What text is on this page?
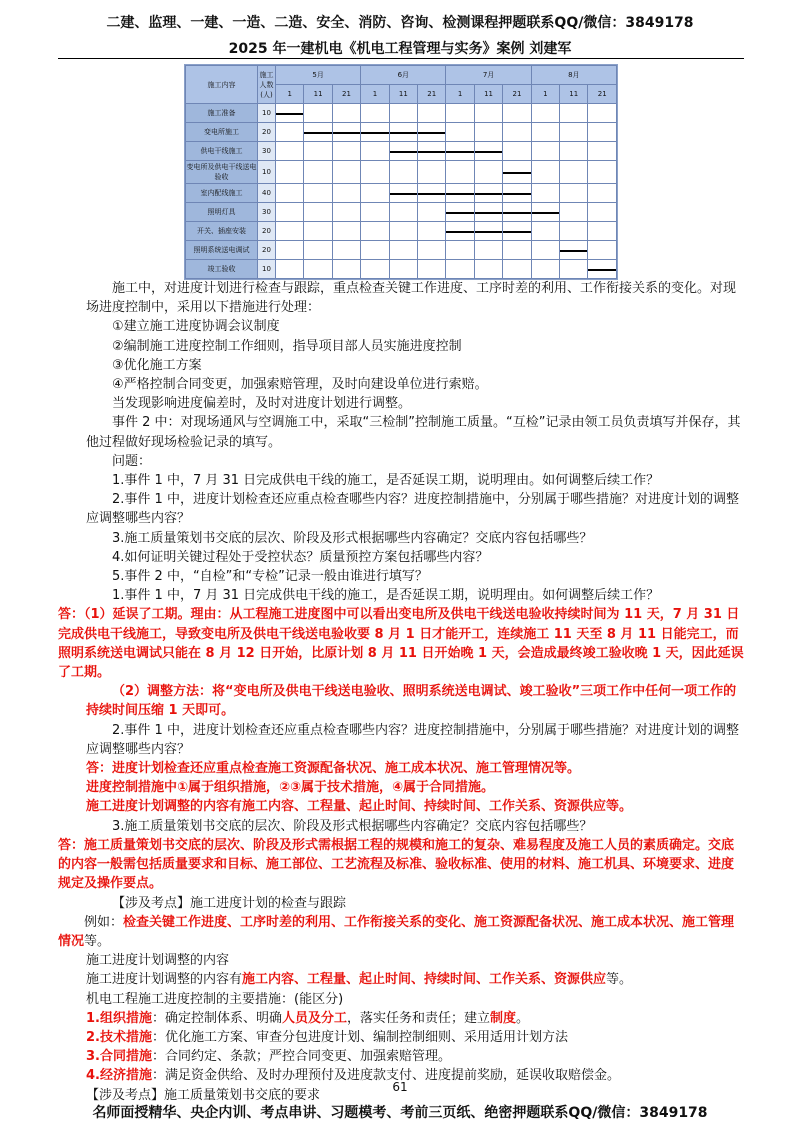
二建、监理、一建、一造、二造、安全、消防、咨询、检测课程押题联系QQ/微信：3849178
2025 年一建机电《机电工程管理与实务》案例 刘建军
施工内容	施工人数(人)	5月			6月			7月			8月		
		1	11	21	1	11	21	1	11	21	1	11	21
施工准备	10	

变电所施工	20		

供电干线施工	30					

变电所及供电干线送电验收	10									

室内配线施工	40					

照明灯具	30							

开关、插座安装	20							

照明系统送电调试	20											

竣工验收	10												

施工中，对进度计划进行检查与跟踪，重点检查关键工作进度、工序时差的利用、工作衔接关系的变化。对现场进度控制中，采用以下措施进行处理：

①建立施工进度协调会议制度

②编制施工进度控制工作细则，指导项目部人员实施进度控制

③优化施工方案

④严格控制合同变更，加强索赔管理，及时向建设单位进行索赔。

当发现影响进度偏差时，及时对进度计划进行调整。

事件 2 中：对现场通风与空调施工中，采取“三检制”控制施工质量。“互检”记录由领工员负责填写并保存，其他过程做好现场检验记录的填写。

问题：

1.事件 1 中，7 月 31 日完成供电干线的施工，是否延误工期，说明理由。如何调整后续工作？

2.事件 1 中，进度计划检查还应重点检查哪些内容？进度控制措施中，分别属于哪些措施？对进度计划的调整应调整哪些内容？

3.施工质量策划书交底的层次、阶段及形式根据哪些内容确定？交底内容包括哪些？

4.如何证明关键过程处于受控状态？质量预控方案包括哪些内容？

5.事件 2 中，“自检”和“专检”记录一般由谁进行填写？

1.事件 1 中，7 月 31 日完成供电干线的施工，是否延误工期，说明理由。如何调整后续工作？

答：（1）延误了工期。理由：从工程施工进度图中可以看出变电所及供电干线送电验收持续时间为 11 天，7 月 31 日完成供电干线施工，导致变电所及供电干线送电验收要 8 月 1 日才能开工，连续施工 11 天至 8 月 11 日能完工，而照明系统送电调试只能在 8 月 12 日开始，比原计划 8 月 11 日开始晚 1 天，会造成最终竣工验收晚 1 天，因此延误了工期。

（2）调整方法：将“变电所及供电干线送电验收、照明系统送电调试、竣工验收”三项工作中任何一项工作的持续时间压缩 1 天即可。

2.事件 1 中，进度计划检查还应重点检查哪些内容？进度控制措施中，分别属于哪些措施？对进度计划的调整应调整哪些内容？

答：进度计划检查还应重点检查施工资源配备状况、施工成本状况、施工管理情况等。

进度控制措施中①属于组织措施，②③属于技术措施，④属于合同措施。

施工进度计划调整的内容有施工内容、工程量、起止时间、持续时间、工作关系、资源供应等。

3.施工质量策划书交底的层次、阶段及形式根据哪些内容确定？交底内容包括哪些？

答：施工质量策划书交底的层次、阶段及形式需根据工程的规模和施工的复杂、难易程度及施工人员的素质确定。交底的内容一般需包括质量要求和目标、施工部位、工艺流程及标准、验收标准、使用的材料、施工机具、环境要求、进度规定及操作要点。

【涉及考点】施工进度计划的检查与跟踪

例如：检查关键工作进度、工序时差的利用、工作衔接关系的变化、施工资源配备状况、施工成本状况、施工管理情况等。

施工进度计划调整的内容

施工进度计划调整的内容有施工内容、工程量、起止时间、持续时间、工作关系、资源供应等。

机电工程施工进度控制的主要措施：(能区分)

1.组织措施：确定控制体系、明确人员及分工，落实任务和责任；建立制度。

2.技术措施：优化施工方案、审查分包进度计划、编制控制细则、采用适用计划方法

3.合同措施：合同约定、条款；严控合同变更、加强索赔管理。

4.经济措施：满足资金供给、及时办理预付及进度款支付、进度提前奖励，延误收取赔偿金。

【涉及考点】施工质量策划书交底的要求

61
名师面授精华、央企内训、考点串讲、习题模考、考前三页纸、绝密押题联系QQ/微信：3849178
